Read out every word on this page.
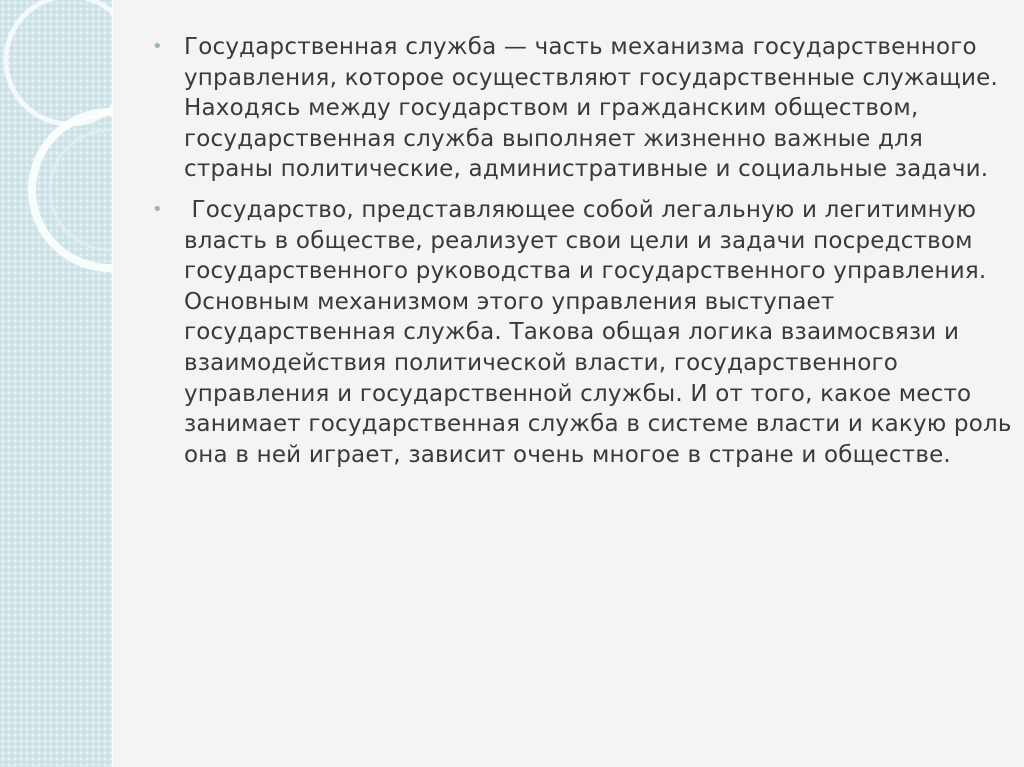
• Государственная служба — часть механизма государственного управления, которое осуществляют государственные служащие. Находясь между государством и гражданским обществом, государственная служба выполняет жизненно важные для страны политические, административные и социальные задачи.
• Государство, представляющее собой легальную и легитимную власть в обществе, реализует свои цели и задачи посредством государственного руководства и государственного управления. Основным механизмом этого управления выступает государственная служба. Такова общая логика взаимосвязи и взаимодействия политической власти, государственного управления и государственной службы. И от того, какое место занимает государственная служба в системе власти и какую роль она в ней играет, зависит очень многое в стране и обществе.
